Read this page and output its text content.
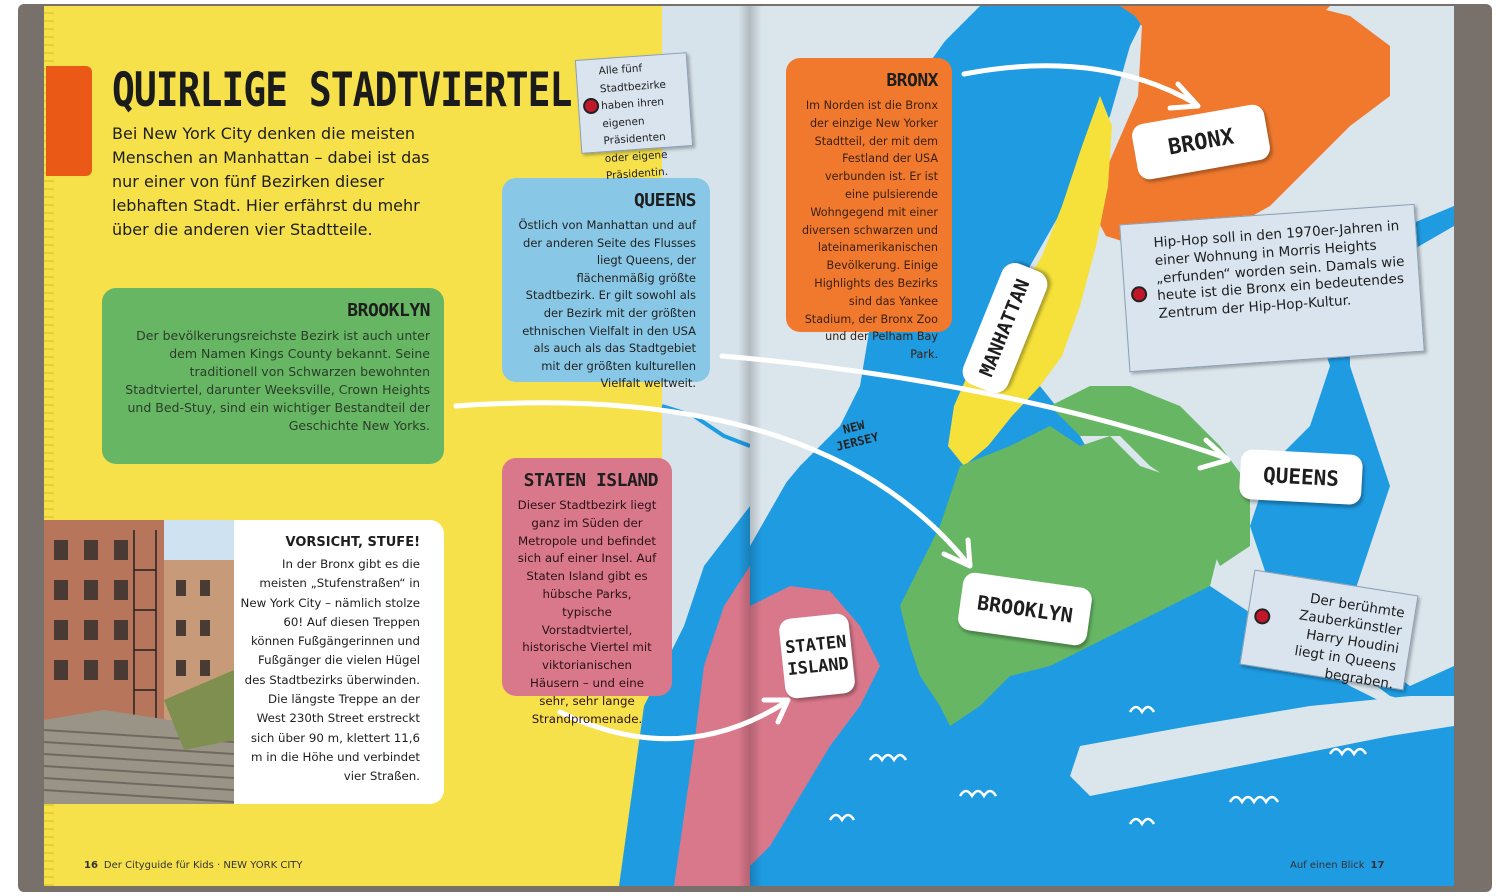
QUIRLIGE STADTVIERTEL
Bei New York City denken die meisten Menschen an Manhattan – dabei ist das nur einer von fünf Bezirken dieser lebhaften Stadt. Hier erfährst du mehr über die anderen vier Stadtteile.
BROOKLYN

Der bevölkerungsreichste Bezirk ist auch unter dem Namen Kings County bekannt. Seine traditionell von Schwarzen bewohnten Stadtviertel, darunter Weeksville, Crown Heights und Bed-Stuy, sind ein wichtiger Bestandteil der Geschichte New Yorks.

QUEENS

Östlich von Manhattan und auf der anderen Seite des Flusses liegt Queens, der flächenmäßig größte Stadtbezirk. Er gilt sowohl als der Bezirk mit der größten ethnischen Vielfalt in den USA als auch als das Stadtgebiet mit der größten kulturellen Vielfalt weltweit.

STATEN ISLAND

Dieser Stadtbezirk liegt ganz im Süden der Metropole und befindet sich auf einer Insel. Auf Staten Island gibt es hübsche Parks, typische Vorstadtviertel, historische Viertel mit viktorianischen Häusern – und eine sehr, sehr lange Strandpromenade.

Alle fünf Stadtbezirke haben ihren eigenen Präsidenten oder eigene Präsidentin.
VORSICHT, STUFE!
In der Bronx gibt es die meisten „Stufenstraßen“ in New York City – nämlich stolze 60! Auf diesen Treppen können Fußgängerinnen und Fußgänger die vielen Hügel des Stadtbezirks überwinden. Die längste Treppe an der West 230th Street erstreckt sich über 90 m, klettert 11,6 m in die Höhe und verbindet vier Straßen.
16 Der Cityguide für Kids · NEW YORK CITY
BRONX

Im Norden ist die Bronx der einzige New Yorker Stadtteil, der mit dem Festland der USA verbunden ist. Er ist eine pulsierende Wohngegend mit einer diversen schwarzen und lateinamerikanischen Bevölkerung. Einige Highlights des Bezirks sind das Yankee Stadium, der Bronx Zoo und der Pelham Bay Park.

Hip-Hop soll in den 1970er-Jahren in einer Wohnung in Morris Heights „erfunden“ worden sein. Damals wie heute ist die Bronx ein bedeutendes Zentrum der Hip-Hop-Kultur.
Der berühmte Zauberkünstler Harry Houdini liegt in Queens begraben.
BRONX
QUEENS
BROOKLYN
STATEN
ISLAND
MANHATTAN
NEW
JERSEY
Auf einen Blick 17
